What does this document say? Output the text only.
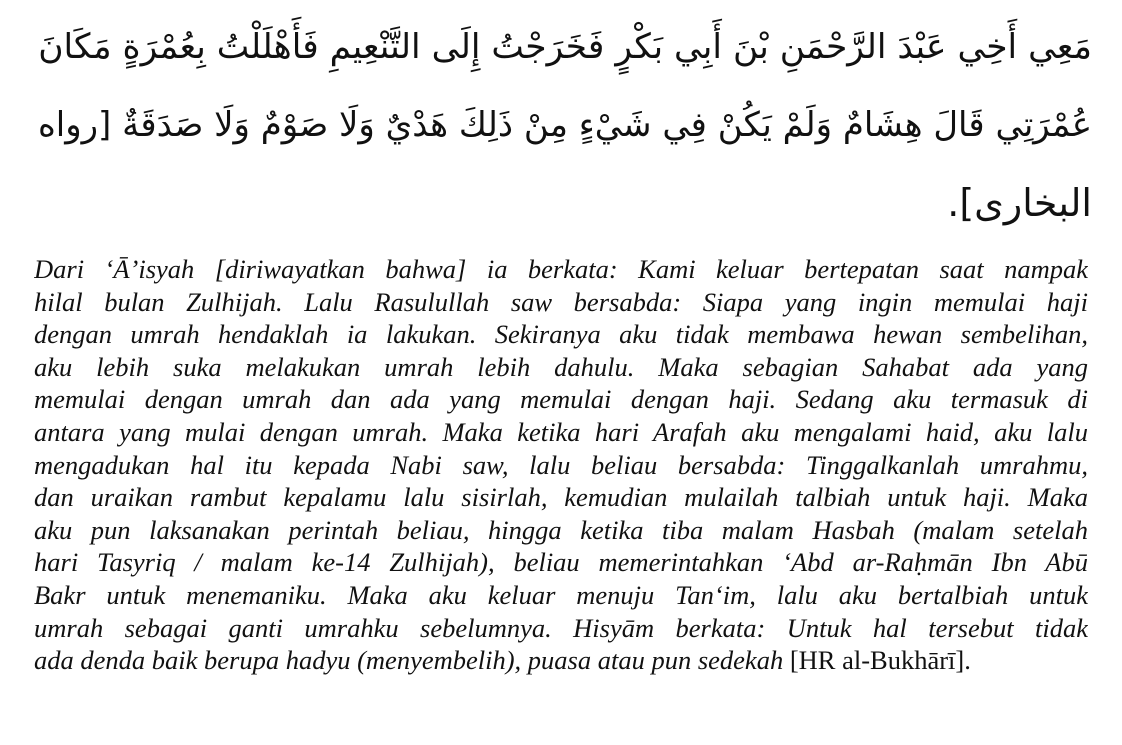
مَعِي أَخِي عَبْدَ الرَّحْمَنِ بْنَ أَبِي بَكْرٍ فَخَرَجْتُ إِلَى التَّنْعِيمِ فَأَهْلَلْتُ بِعُمْرَةٍ مَكَانَ
عُمْرَتِي قَالَ هِشَامٌ وَلَمْ يَكُنْ فِي شَيْءٍ مِنْ ذَلِكَ هَدْيٌ وَلَا صَوْمٌ وَلَا صَدَقَةٌ [رواه
البخارى].
Dari ‘Ā’isyah [diriwayatkan bahwa] ia berkata: Kami keluar bertepatan saat nampak
hilal bulan Zulhijah. Lalu Rasulullah saw bersabda: Siapa yang ingin memulai haji
dengan umrah hendaklah ia lakukan. Sekiranya aku tidak membawa hewan sembelihan,
aku lebih suka melakukan umrah lebih dahulu. Maka sebagian Sahabat ada yang
memulai dengan umrah dan ada yang memulai dengan haji. Sedang aku termasuk di
antara yang mulai dengan umrah. Maka ketika hari Arafah aku mengalami haid, aku lalu
mengadukan hal itu kepada Nabi saw, lalu beliau bersabda: Tinggalkanlah umrahmu,
dan uraikan rambut kepalamu lalu sisirlah, kemudian mulailah talbiah untuk haji. Maka
aku pun laksanakan perintah beliau, hingga ketika tiba malam Hasbah (malam setelah
hari Tasyriq / malam ke-14 Zulhijah), beliau memerintahkan ‘Abd ar-Raḥmān Ibn Abū
Bakr untuk menemaniku. Maka aku keluar menuju Tan‘im, lalu aku bertalbiah untuk
umrah sebagai ganti umrahku sebelumnya. Hisyām berkata: Untuk hal tersebut tidak
ada denda baik berupa hadyu (menyembelih), puasa atau pun sedekah [HR al-Bukhārī].
